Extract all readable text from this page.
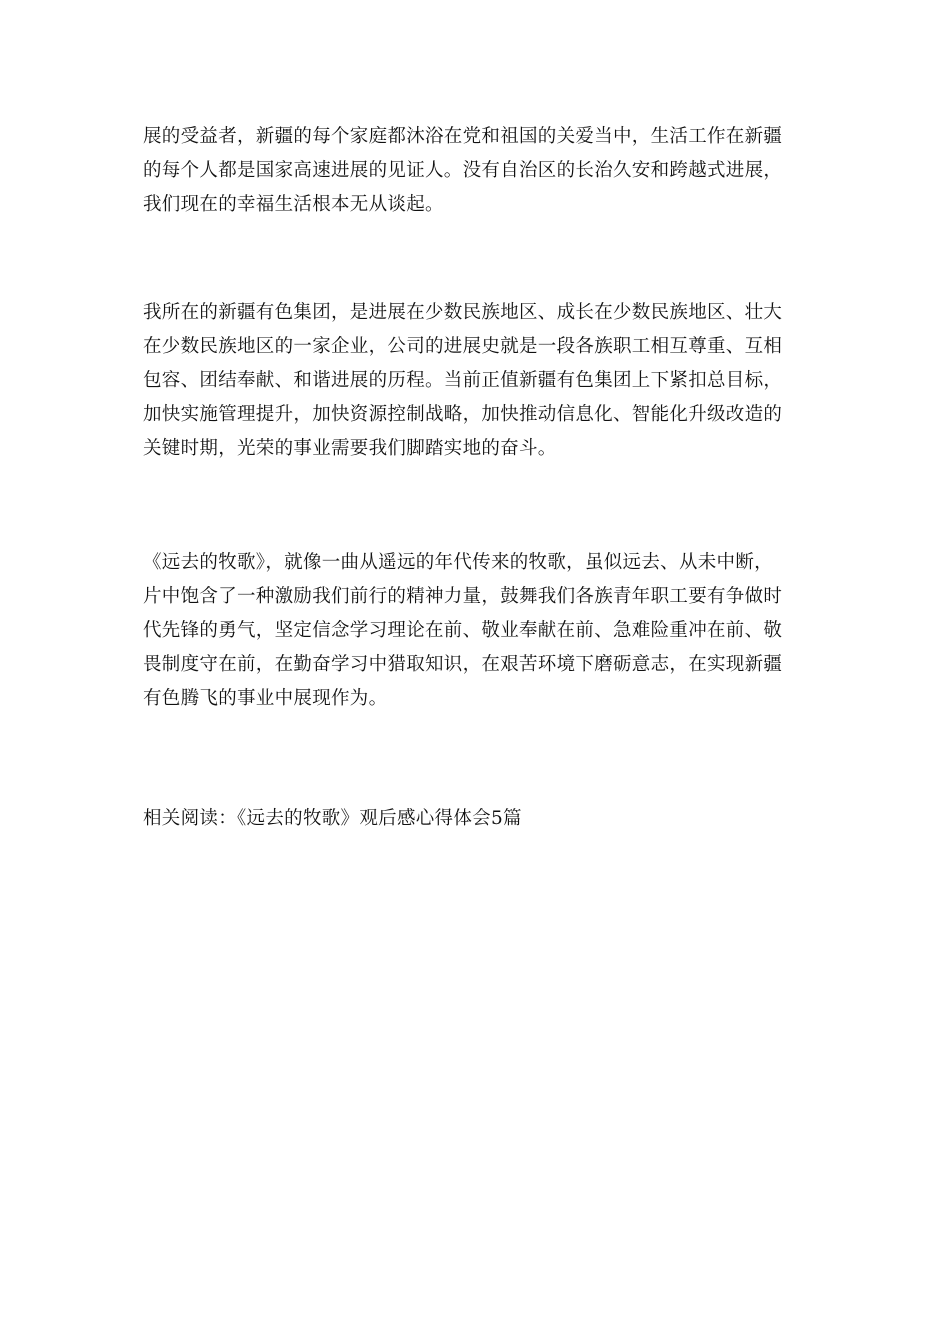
展的受益者，新疆的每个家庭都沐浴在党和祖国的关爱当中，生活工作在新疆
的每个人都是国家高速进展的见证人。没有自治区的长治久安和跨越式进展，
我们现在的幸福生活根本无从谈起。

我所在的新疆有色集团，是进展在少数民族地区、成长在少数民族地区、壮大
在少数民族地区的一家企业，公司的进展史就是一段各族职工相互尊重、互相
包容、团结奉献、和谐进展的历程。当前正值新疆有色集团上下紧扣总目标，
加快实施管理提升，加快资源控制战略，加快推动信息化、智能化升级改造的
关键时期，光荣的事业需要我们脚踏实地的奋斗。

《远去的牧歌》，就像一曲从遥远的年代传来的牧歌，虽似远去、从未中断，
片中饱含了一种激励我们前行的精神力量，鼓舞我们各族青年职工要有争做时
代先锋的勇气，坚定信念学习理论在前、敬业奉献在前、急难险重冲在前、敬
畏制度守在前，在勤奋学习中猎取知识，在艰苦环境下磨砺意志，在实现新疆
有色腾飞的事业中展现作为。

相关阅读：《远去的牧歌》观后感心得体会5篇
